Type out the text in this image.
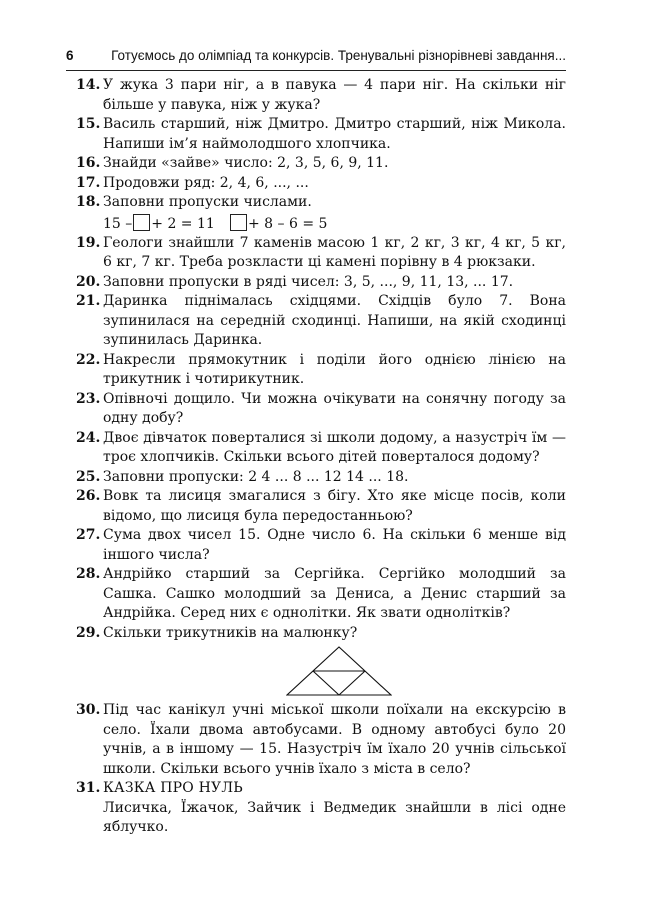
6	Готуємось до олімпіад та конкурсів. Тренувальні різнорівневі завдання...

14. У жука 3 пари ніг, а в павука — 4 пари ніг. На скільки ніг більше у павука, ніж у жука?

15. Василь старший, ніж Дмитро. Дмитро старший, ніж Микола. Напиши ім’я наймолодшого хлопчика.

16. Знайди «зайве» число: 2, 3, 5, 6, 9, 11.

17. Продовжи ряд: 2, 4, 6, ..., ...

18. Заповни пропуски числами.
15 – + 2 = 11	+ 8 – 6 = 5

19. Геологи знайшли 7 каменів масою 1 кг, 2 кг, 3 кг, 4 кг, 5 кг, 6 кг, 7 кг. Треба розкласти ці камені порівну в 4 рюкзаки.

20. Заповни пропуски в ряді чисел: 3, 5, ..., 9, 11, 13, ... 17.

21. Даринка піднімалась східцями. Східців було 7. Вона зупинилася на середній сходинці. Напиши, на якій сходинці зупинилась Даринка.

22. Накресли прямокутник і поділи його однією лінією на трикутник і чотирикутник.

23. Опівночі дощило. Чи можна очікувати на сонячну погоду за одну добу?

24. Двоє дівчаток поверталися зі школи додому, а назустріч їм — троє хлопчиків. Скільки всього дітей поверталося додому?

25. Заповни пропуски: 2 4 ... 8 ... 12 14 ... 18.

26. Вовк та лисиця змагалися з бігу. Хто яке місце посів, коли відомо, що лисиця була передостанньою?

27. Сума двох чисел 15. Одне число 6. На скільки 6 менше від іншого числа?

28. Андрійко старший за Сергійка. Сергійко молодший за Сашка. Сашко молодший за Дениса, а Денис старший за Андрійка. Серед них є однолітки. Як звати однолітків?

29. Скільки трикутників на малюнку?

30. Під час канікул учні міської школи поїхали на екскурсію в село. Їхали двома автобусами. В одному автобусі було 20 учнів, а в іншому — 15. Назустріч їм їхало 20 учнів сільської школи. Скільки всього учнів їхало з міста в село?

31. КАЗКА ПРО НУЛЬ
Лисичка, Їжачок, Зайчик і Ведмедик знайшли в лісі одне яблучко.
